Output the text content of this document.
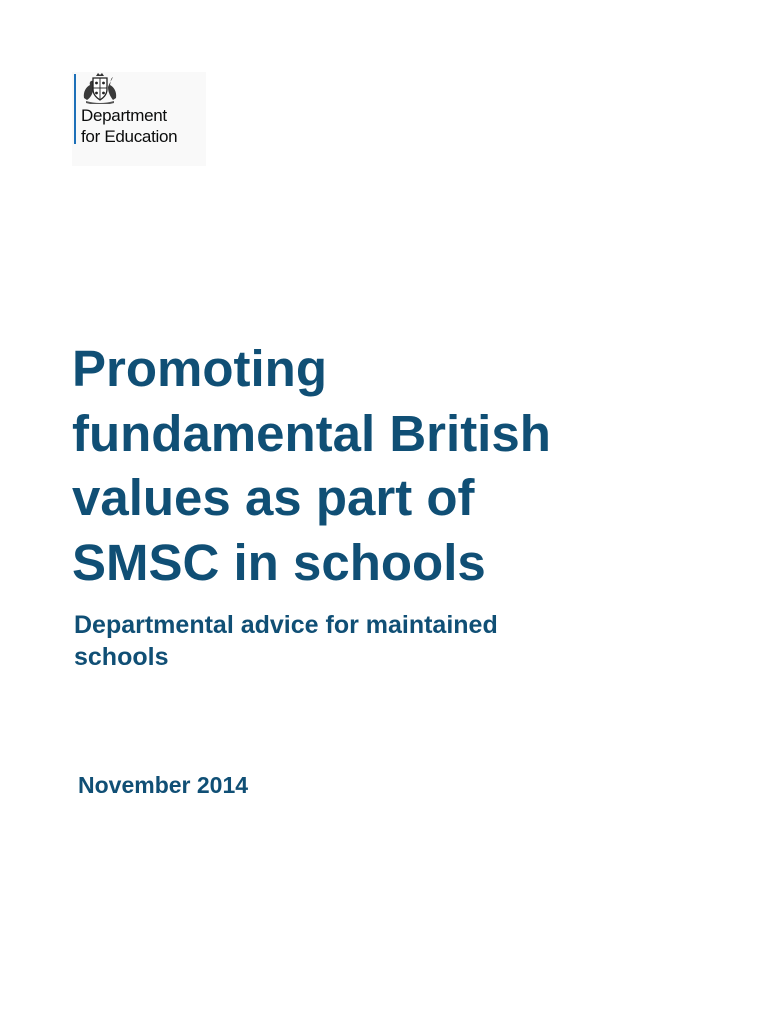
Department
for Education
Promoting
fundamental British
values as part of
SMSC in schools
Departmental advice for maintained
schools

November 2014
